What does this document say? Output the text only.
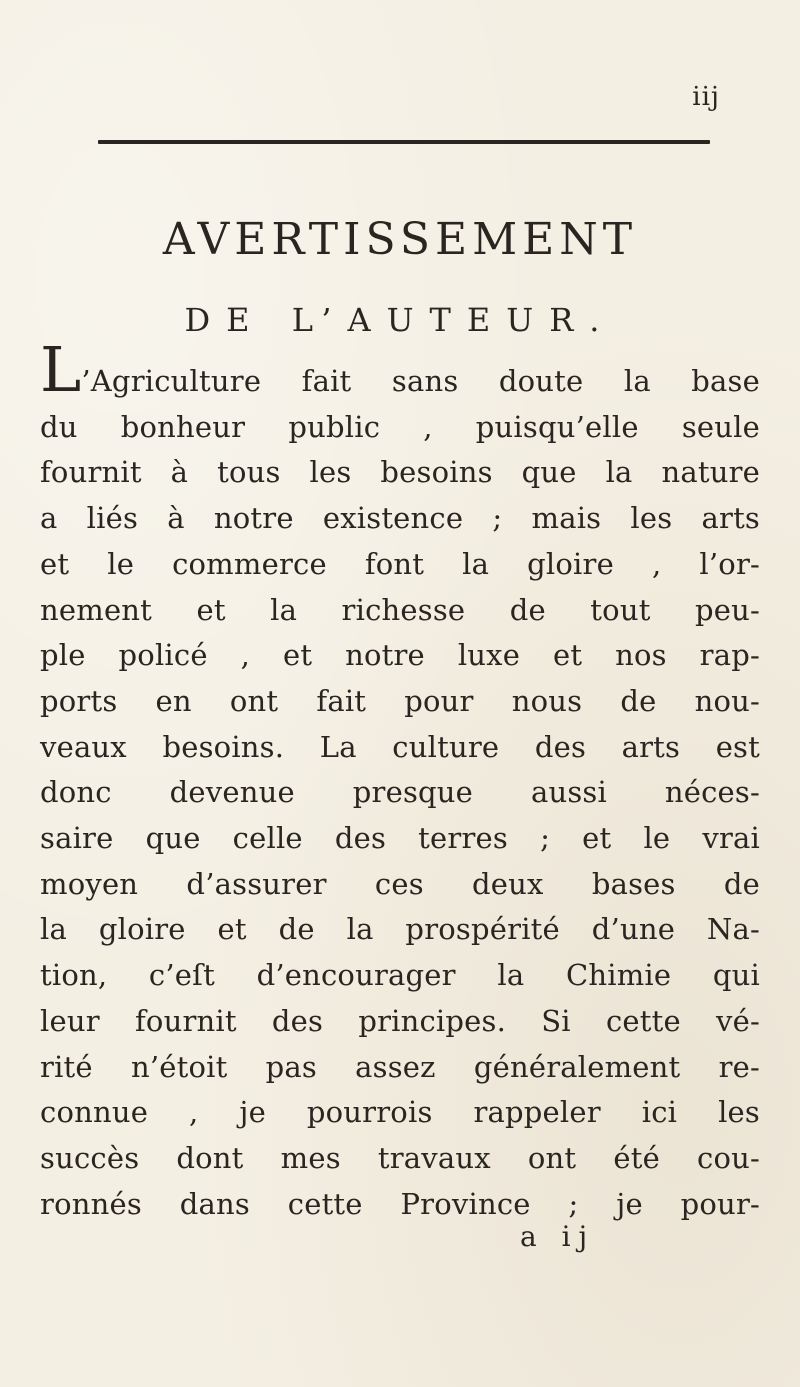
iij
AVERTISSEMENT
DE L’AUTEUR.
L’Agriculture fait sans doute la base
du bonheur public , puisqu’elle seule
fournit à tous les besoins que la nature
a liés à notre existence ; mais les arts
et le commerce font la gloire , l’or-
nement et la richesse de tout peu-
ple policé , et notre luxe et nos rap-
ports en ont fait pour nous de nou-
veaux besoins. La culture des arts est
donc devenue presque aussi néces-
saire que celle des terres ; et le vrai
moyen d’assurer ces deux bases de
la gloire et de la prospérité d’une Na-
tion, c’eſt d’encourager la Chimie qui
leur fournit des principes. Si cette vé-
rité n’étoit pas assez généralement re-
connue , je pourrois rappeler ici les
succès dont mes travaux ont été cou-
ronnés dans cette Province ; je pour-
a ij
